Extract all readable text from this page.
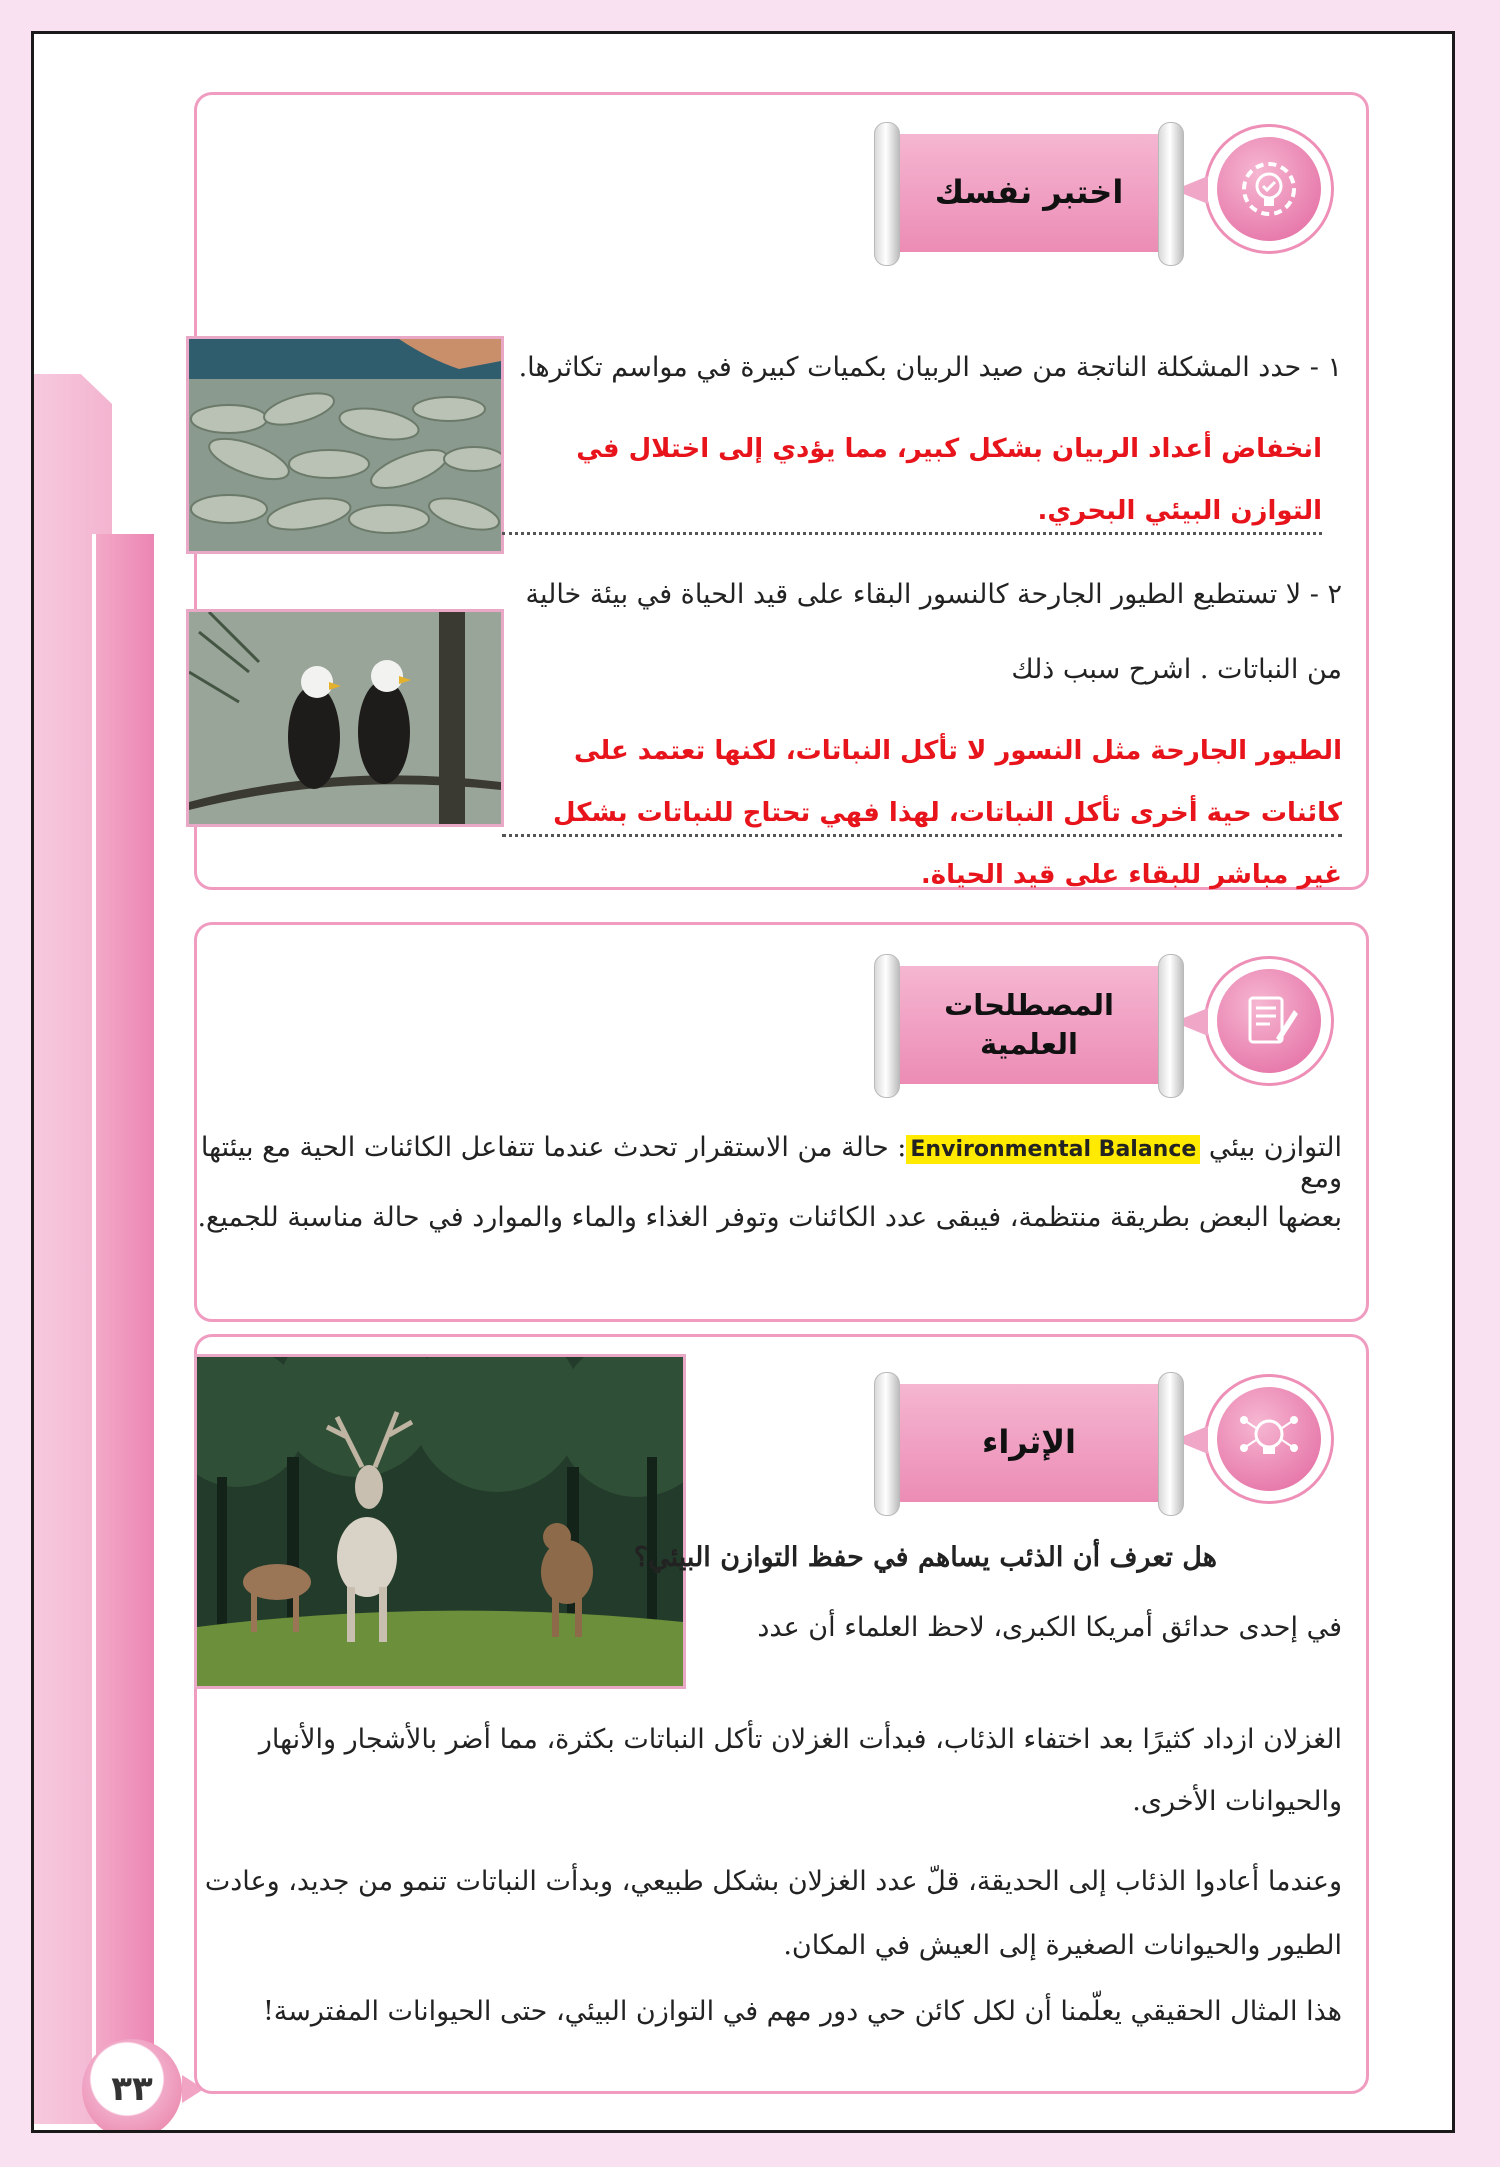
٣٣
اختبر نفسك
١ - حدد المشكلة الناتجة من صيد الربيان بكميات كبيرة في مواسم تكاثرها.
انخفاض أعداد الربيان بشكل كبير، مما يؤدي إلى اختلال في
التوازن البيئي البحري.
٢ - لا تستطيع الطيور الجارحة كالنسور البقاء على قيد الحياة في بيئة خالية
من النباتات . اشرح سبب ذلك
الطيور الجارحة مثل النسور لا تأكل النباتات، لكنها تعتمد على
كائنات حية أخرى تأكل النباتات، لهذا فهي تحتاج للنباتات بشكل
غير مباشر للبقاء على قيد الحياة.
المصطلحات
العلمية
التوازن بيئي Environmental Balance: حالة من الاستقرار تحدث عندما تتفاعل الكائنات الحية مع بيئتها ومع
بعضها البعض بطريقة منتظمة، فيبقى عدد الكائنات وتوفر الغذاء والماء والموارد في حالة مناسبة للجميع.
الإثراء
هل تعرف أن الذئب يساهم في حفظ التوازن البيئي؟
في إحدى حدائق أمريكا الكبرى، لاحظ العلماء أن عدد
الغزلان ازداد كثيرًا بعد اختفاء الذئاب، فبدأت الغزلان تأكل النباتات بكثرة، مما أضر بالأشجار والأنهار
والحيوانات الأخرى.
وعندما أعادوا الذئاب إلى الحديقة، قلّ عدد الغزلان بشكل طبيعي، وبدأت النباتات تنمو من جديد، وعادت
الطيور والحيوانات الصغيرة إلى العيش في المكان.
هذا المثال الحقيقي يعلّمنا أن لكل كائن حي دور مهم في التوازن البيئي، حتى الحيوانات المفترسة!
